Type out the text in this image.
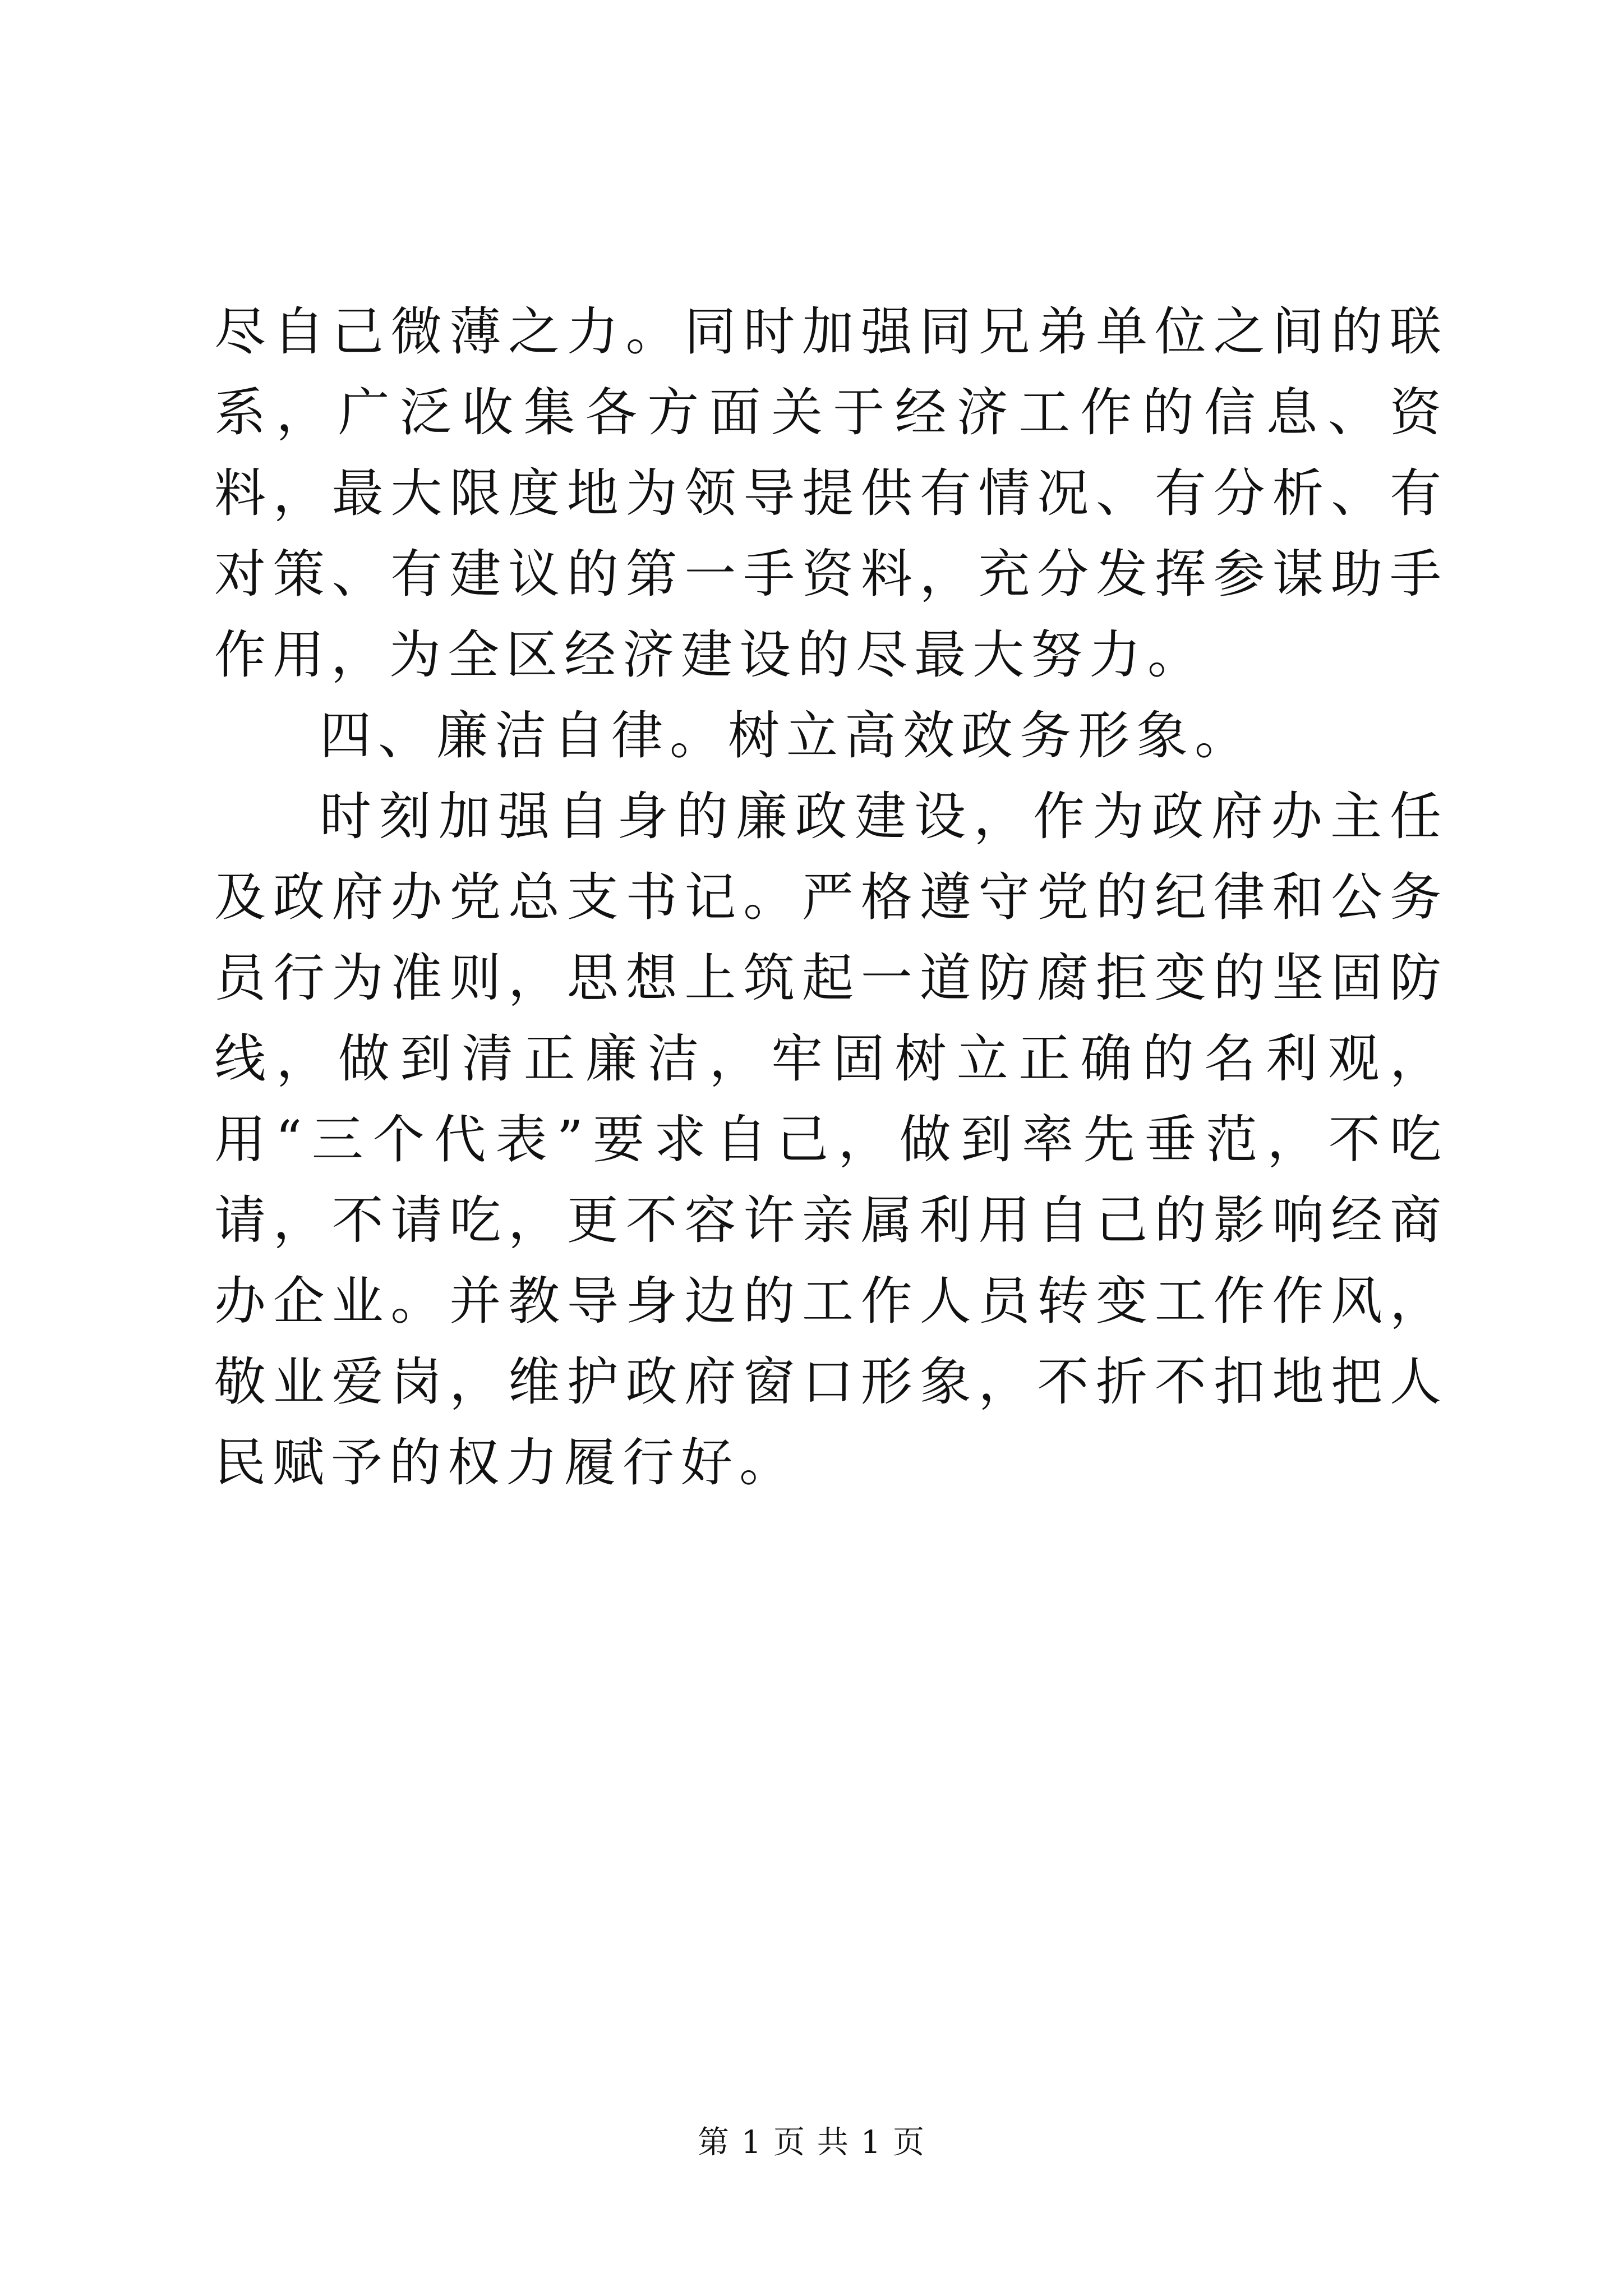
尽自己微薄之力。同时加强同兄弟单位之间的联系，广泛收集各方面关于经济工作的信息、资料，最大限度地为领导提供有情况、有分析、有对策、有建议的第一手资料，充分发挥参谋助手作用，为全区经济建设的尽最大努力。

四、廉洁自律。树立高效政务形象。

时刻加强自身的廉政建设，作为政府办主任及政府办党总支书记。严格遵守党的纪律和公务员行为准则，思想上筑起一道防腐拒变的坚固防线，做到清正廉洁，牢固树立正确的名利观，用“三个代表”要求自己，做到率先垂范，不吃请，不请吃，更不容许亲属利用自己的影响经商办企业。并教导身边的工作人员转变工作作风，敬业爱岗，维护政府窗口形象，不折不扣地把人民赋予的权力履行好。

第 1 页 共 1 页
